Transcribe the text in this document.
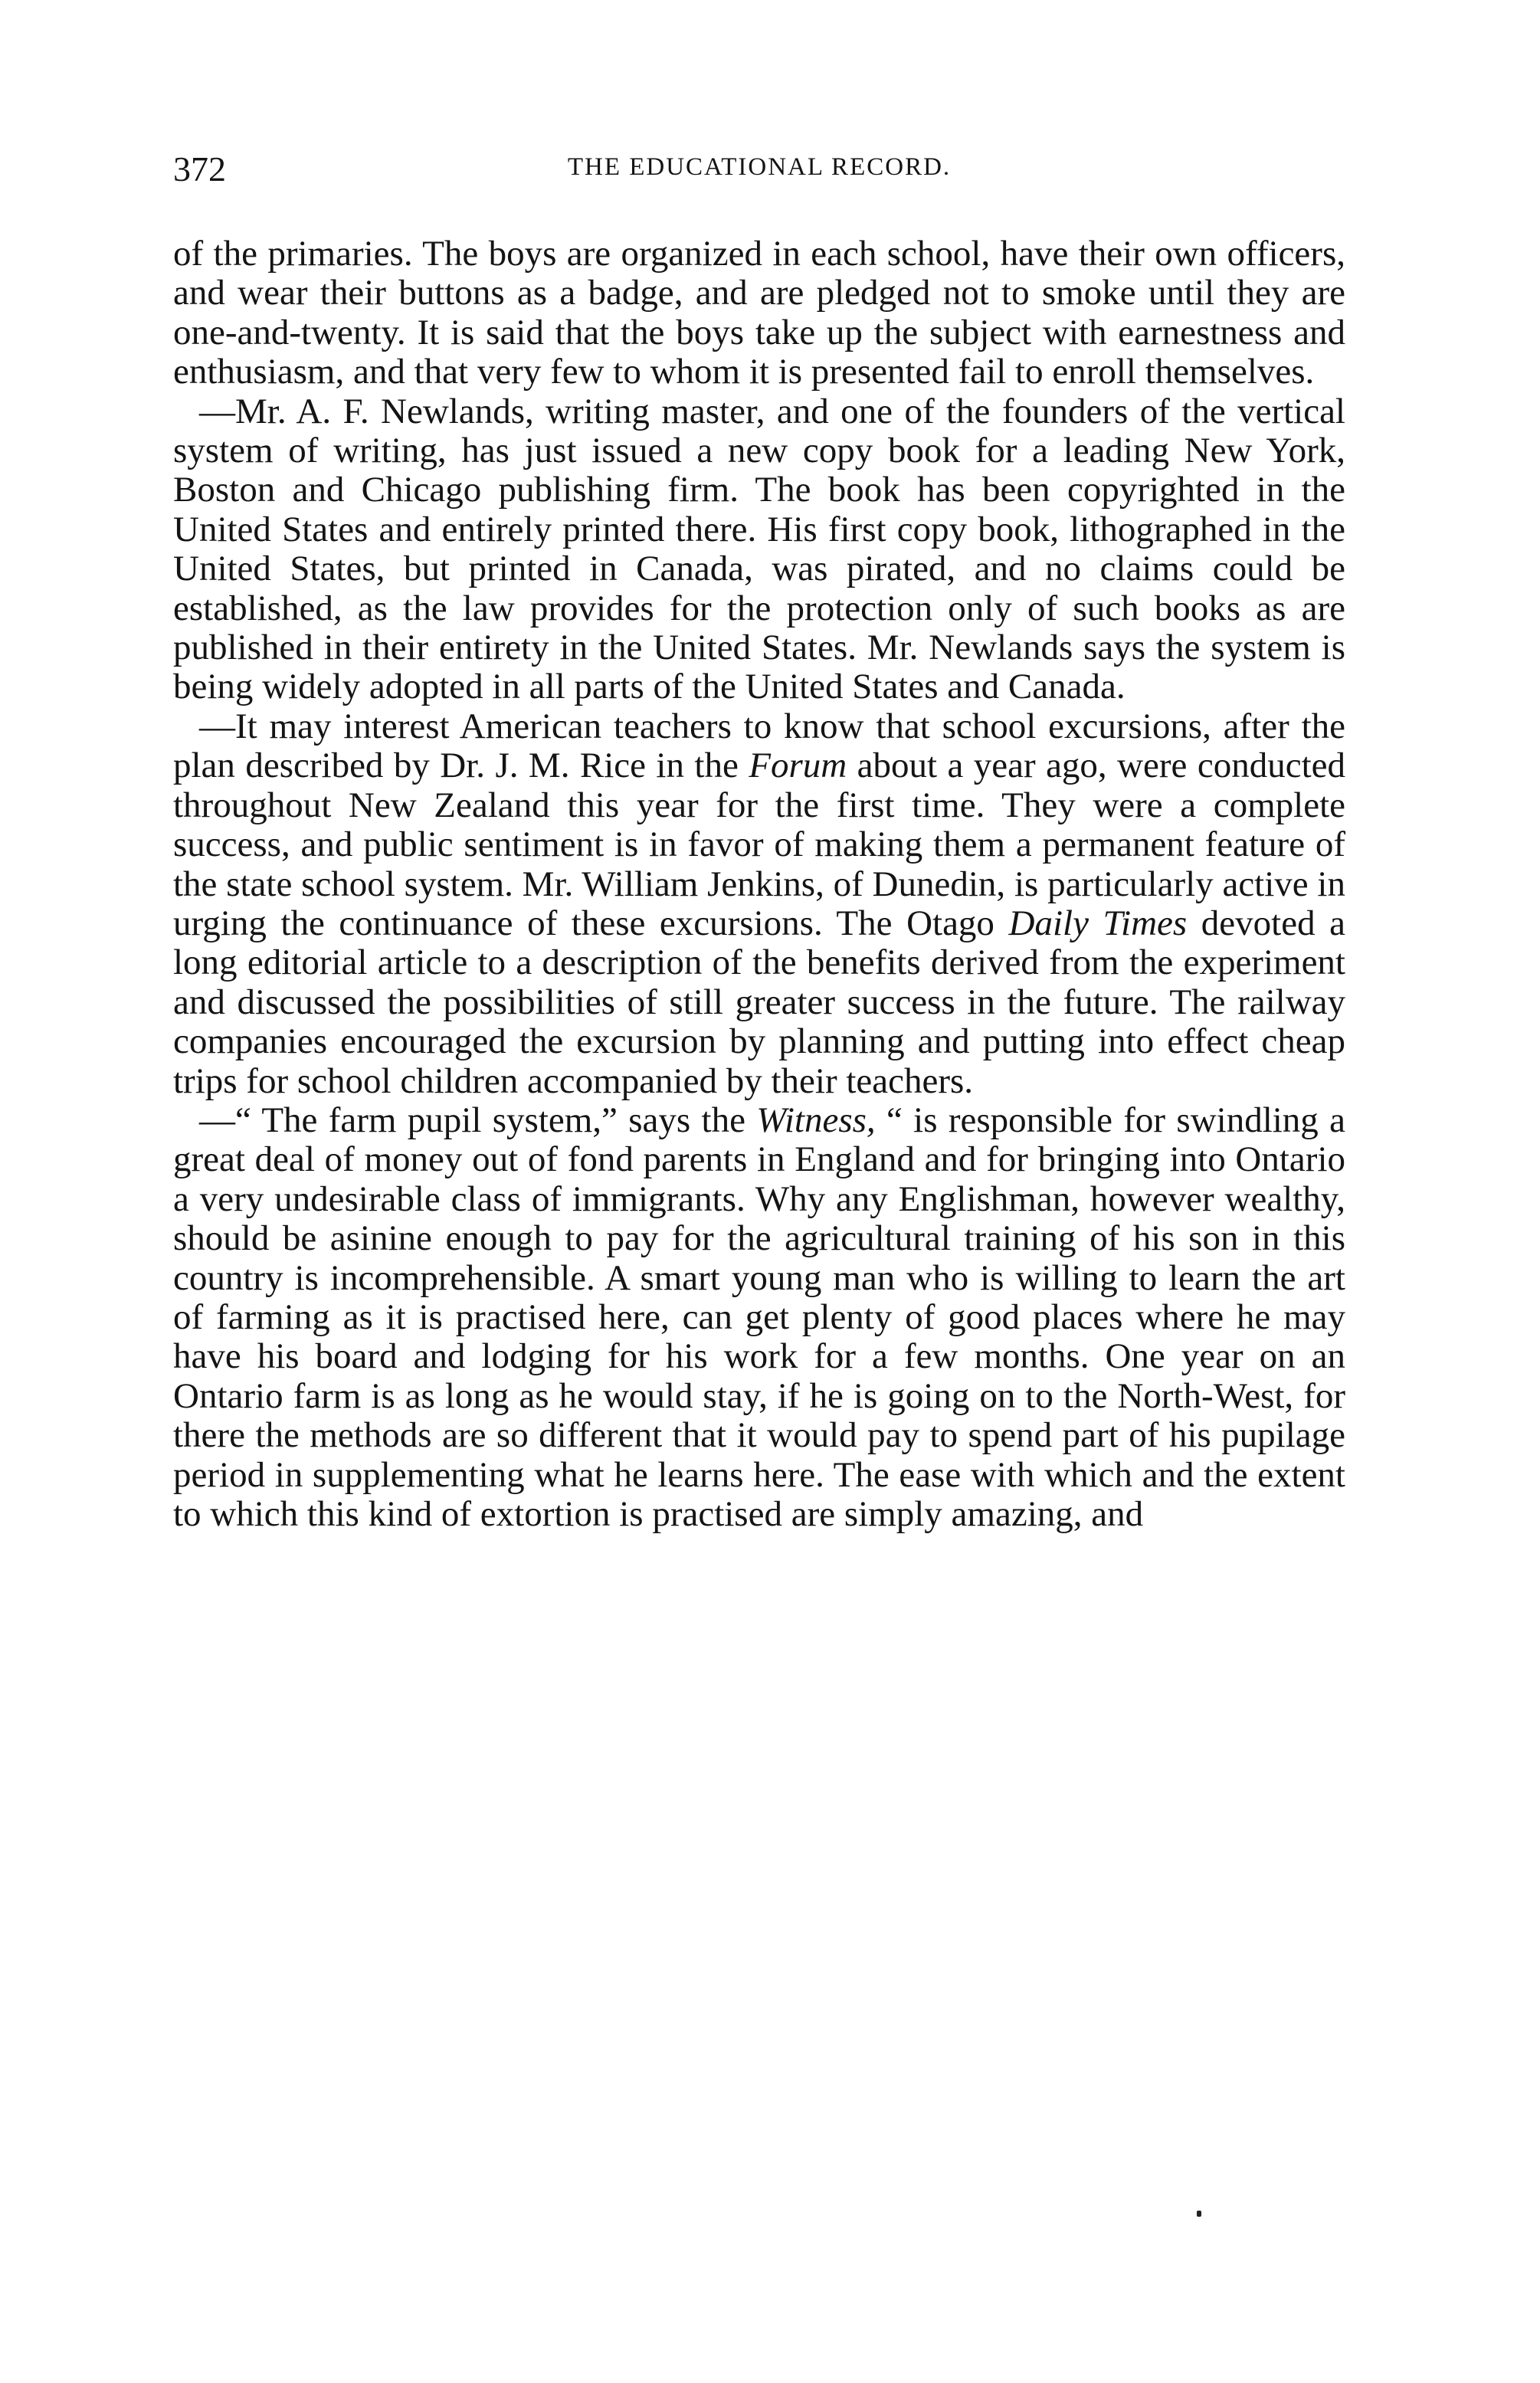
372	THE EDUCATIONAL RECORD.

of the primaries. The boys are organized in each school, have their own officers, and wear their buttons as a badge, and are pledged not to smoke until they are one-and-twenty. It is said that the boys take up the subject with earnestness and enthusiasm, and that very few to whom it is presented fail to enroll themselves.

—Mr. A. F. Newlands, writing master, and one of the founders of the vertical system of writing, has just issued a new copy book for a leading New York, Boston and Chicago publishing firm. The book has been copyrighted in the United States and entirely printed there. His first copy book, lithographed in the United States, but printed in Canada, was pirated, and no claims could be established, as the law provides for the protection only of such books as are published in their entirety in the United States. Mr. Newlands says the system is being widely adopted in all parts of the United States and Canada.

—It may interest American teachers to know that school excursions, after the plan described by Dr. J. M. Rice in the Forum about a year ago, were conducted throughout New Zealand this year for the first time. They were a complete success, and public sentiment is in favor of making them a permanent feature of the state school system. Mr. William Jenkins, of Dunedin, is particularly active in urging the continuance of these excursions. The Otago Daily Times devoted a long editorial article to a description of the benefits derived from the experiment and discussed the possibilities of still greater success in the future. The railway companies encouraged the excursion by planning and putting into effect cheap trips for school children accompanied by their teachers.

—“ The farm pupil system,” says the Witness, “ is responsible for swindling a great deal of money out of fond parents in England and for bringing into Ontario a very undesirable class of immigrants. Why any Englishman, however wealthy, should be asinine enough to pay for the agricultural training of his son in this country is incomprehensible. A smart young man who is willing to learn the art of farming as it is practised here, can get plenty of good places where he may have his board and lodging for his work for a few months. One year on an Ontario farm is as long as he would stay, if he is going on to the North-West, for there the methods are so different that it would pay to spend part of his pupilage period in supplementing what he learns here. The ease with which and the extent to which this kind of extortion is practised are simply amazing, and
